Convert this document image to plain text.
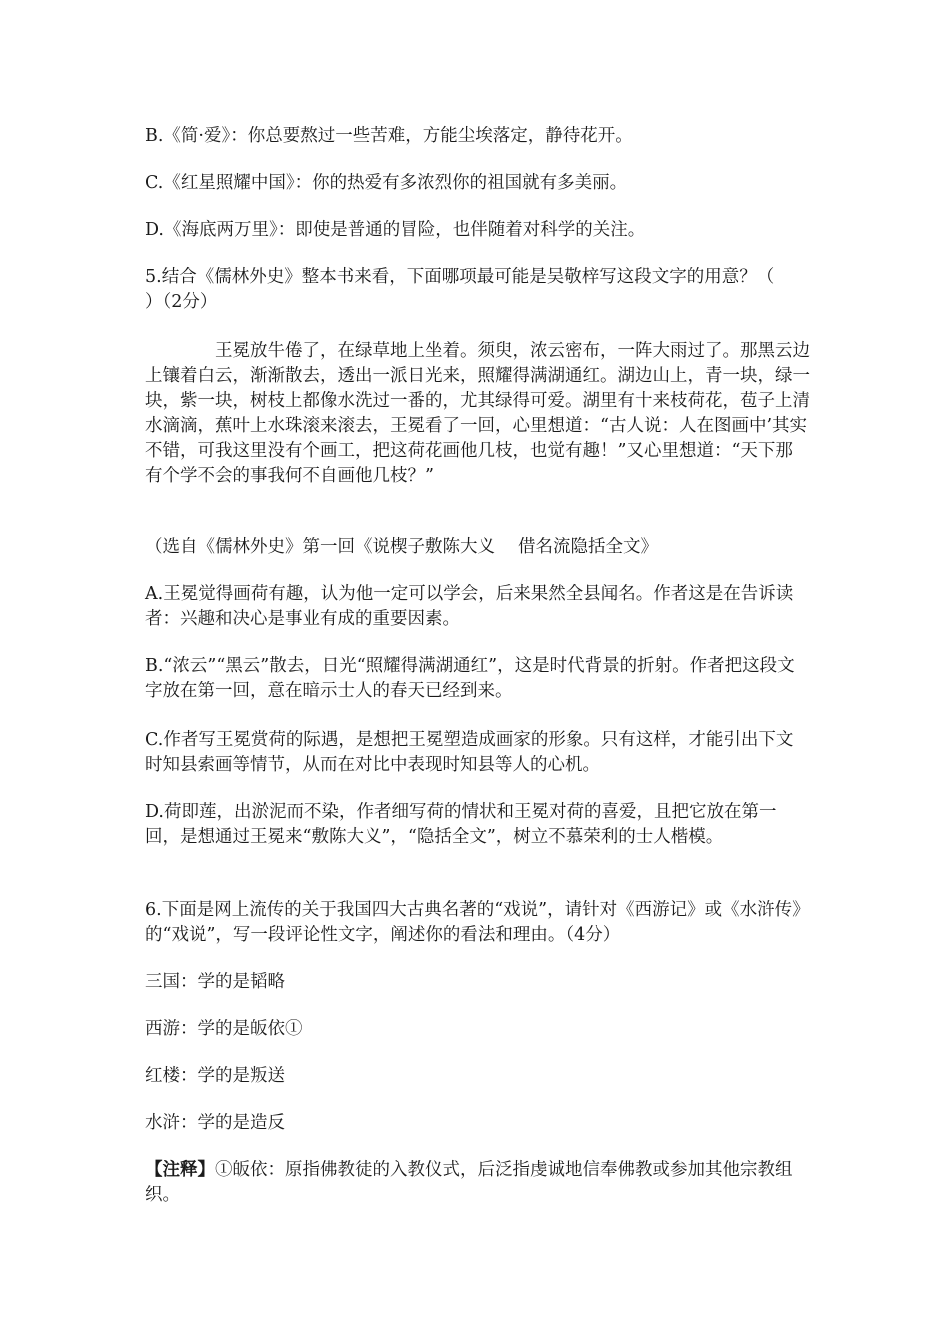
B.《简·爱》：你总要熬过一些苦难，方能尘埃落定，静待花开。

C.《红星照耀中国》：你的热爱有多浓烈你的祖国就有多美丽。

D.《海底两万里》：即使是普通的冒险，也伴随着对科学的关注。

5.结合《儒林外史》整本书来看，下面哪项最可能是吴敬梓写这段文字的用意？（　　　）（2分）

王冕放牛倦了，在绿草地上坐着。须臾，浓云密布，一阵大雨过了。那黑云边上镶着白云，渐渐散去，透出一派日光来，照耀得满湖通红。湖边山上，青一块，绿一块，紫一块，树枝上都像水洗过一番的，尤其绿得可爱。湖里有十来枝荷花，苞子上清水滴滴，蕉叶上水珠滚来滚去，王冕看了一回，心里想道：“古人说：人在图画中’其实不错，可我这里没有个画工，把这荷花画他几枝，也觉有趣！”又心里想道：“天下那有个学不会的事我何不自画他几枝？”

（选自《儒林外史》第一回《说楔子敷陈大义　 借名流隐括全文》

A.王冕觉得画荷有趣，认为他一定可以学会，后来果然全县闻名。作者这是在告诉读者：兴趣和决心是事业有成的重要因素。

B.“浓云”“黑云”散去，日光“照耀得满湖通红”，这是时代背景的折射。作者把这段文字放在第一回，意在暗示士人的春天已经到来。

C.作者写王冕赏荷的际遇，是想把王冕塑造成画家的形象。只有这样，才能引出下文时知县索画等情节，从而在对比中表现时知县等人的心机。

D.荷即莲，出淤泥而不染，作者细写荷的情状和王冕对荷的喜爱，且把它放在第一回，是想通过王冕来“敷陈大义”，“隐括全文”，树立不慕荣利的士人楷模。

6.下面是网上流传的关于我国四大古典名著的“戏说”，请针对《西游记》或《水浒传》的“戏说”，写一段评论性文字，阐述你的看法和理由。（4分）

三国：学的是韬略

西游：学的是皈依①

红楼：学的是叛送

水浒：学的是造反

【注释】①皈依：原指佛教徒的入教仪式，后泛指虔诚地信奉佛教或参加其他宗教组织。
